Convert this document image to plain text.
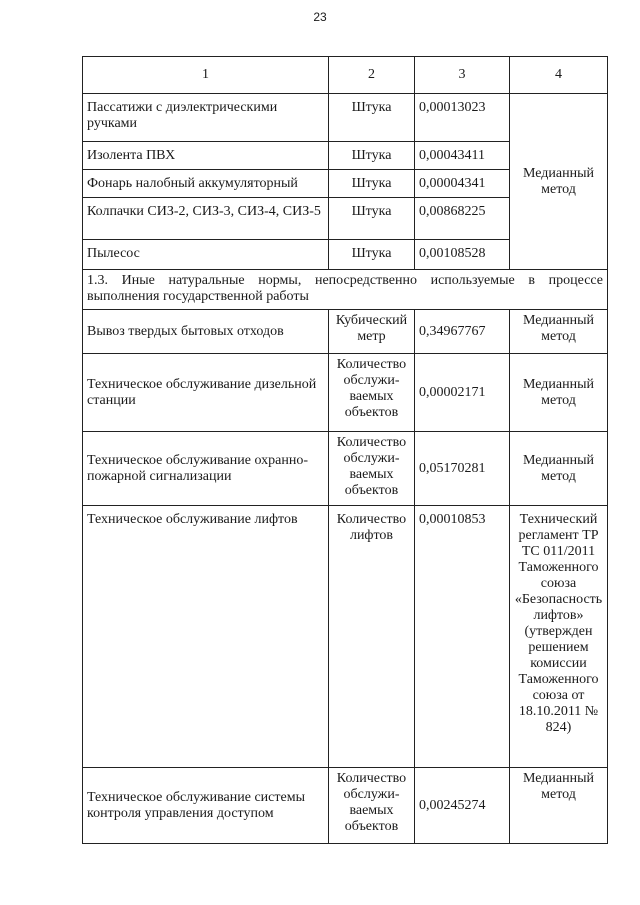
23
1	2	3	4
Пассатижи с диэлектрическими ручками	Штука	0,00013023	Медианный метод
Изолента ПВХ	Штука	0,00043411	
Фонарь налобный аккумуляторный	Штука	0,00004341	
Колпачки СИЗ-2, СИЗ-3, СИЗ-4, СИЗ-5	Штука	0,00868225	
Пылесос	Штука	0,00108528	
1.3. Иные натуральные нормы, непосредственно используемые в процессе выполнения государственной работы			
Вывоз твердых бытовых отходов	Кубический метр	0,34967767	Медианный метод
Техническое обслуживание дизельной станции	Количество обслужи-ваемых объектов	0,00002171	Медианный метод
Техническое обслуживание охранно-пожарной сигнализации	Количество обслужи-ваемых объектов	0,05170281	Медианный метод
Техническое обслуживание лифтов	Количество лифтов	0,00010853	Технический регламент ТР ТС 011/2011 Таможенного союза «Безопасность лифтов» (утвержден решением комиссии Таможенного союза от 18.10.2011 № 824)
Техническое обслуживание системы контроля управления доступом	Количество обслужи-ваемых объектов	0,00245274	Медианный метод
